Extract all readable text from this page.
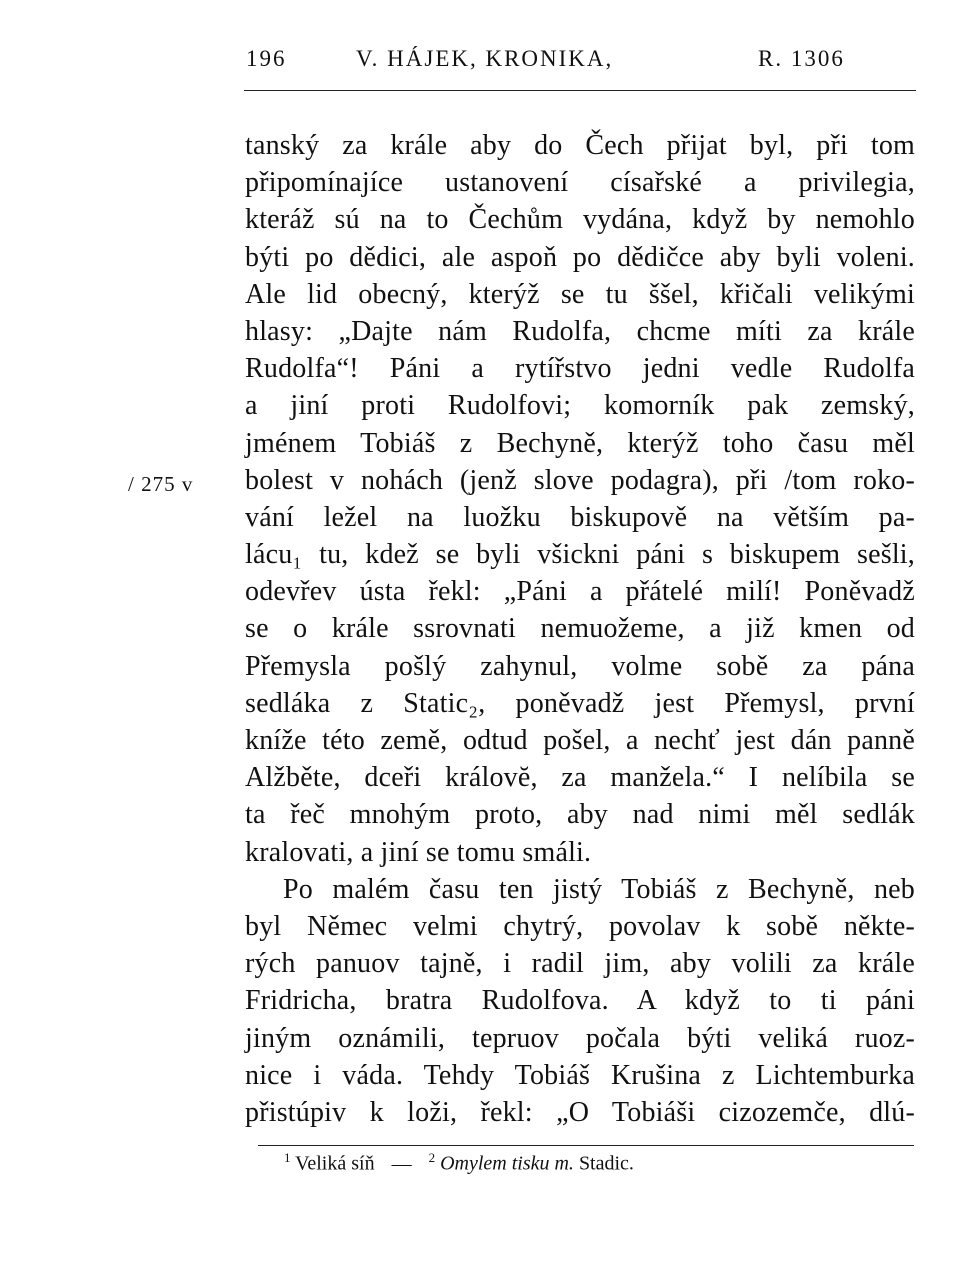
196	V. HÁJEK, KRONIKA,	R. 1306
/ 275 v
tanský za krále aby do Čech přijat byl, při tom
připomínajíce ustanovení císařské a privilegia,
kteráž sú na to Čechům vydána, když by nemohlo
býti po dědici, ale aspoň po dědičce aby byli voleni.
Ale lid obecný, kterýž se tu ššel, křičali velikými
hlasy: „Dajte nám Rudolfa, chcme míti za krále
Rudolfa“! Páni a rytířstvo jedni vedle Rudolfa
a jiní proti Rudolfovi; komorník pak zemský,
jménem Tobiáš z Bechyně, kterýž toho času měl
bolest v nohách (jenž slove podagra), při /tom roko-
vání ležel na luožku biskupově na větším pa-
lácu₁ tu, kdež se byli všickni páni s biskupem sešli,
odevřev ústa řekl: „Páni a přátelé milí! Poněvadž
se o krále ssrovnati nemuožeme, a již kmen od
Přemysla pošlý zahynul, volme sobě za pána
sedláka z Static₂, poněvadž jest Přemysl, první
kníže této země, odtud pošel, a nechť jest dán panně
Alžběte, dceři královĕ, za manžela.“ I nelíbila se
ta řeč mnohým proto, aby nad nimi měl sedlák
kralovati, a jiní se tomu smáli.
Po malém času ten jistý Tobiáš z Bechyně, neb
byl Němec velmi chytrý, povolav k sobě někte-
rých panuov tajně, i radil jim, aby volili za krále
Fridricha, bratra Rudolfova. A když to ti páni
jiným oznámili, tepruov počala býti veliká ruoz-
nice i váda. Tehdy Tobiáš Krušina z Lichtemburka
přistúpiv k loži, řekl: „O Tobiáši cizozemče, dlú-
$^1$ Veliká síň — $^2$ Omylem tisku m. Stadic.
